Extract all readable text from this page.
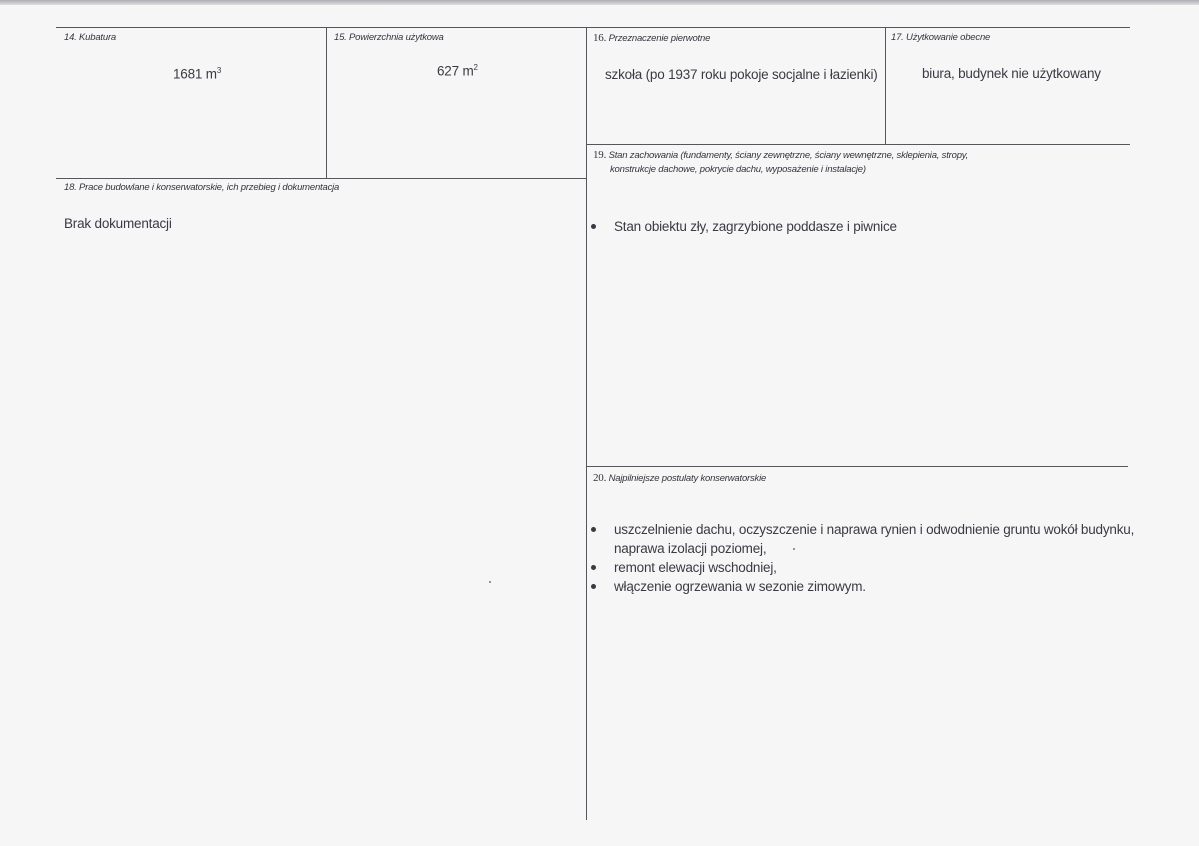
14. Kubatura
1681 $m^3$
15. Powierzchnia użytkowa
627 $m^2$
16. Przeznaczenie pierwotne
szkoła (po 1937 roku pokoje socjalne i łazienki)
17. Użytkowanie obecne
biura, budynek nie użytkowany
18. Prace budowlane i konserwatorskie, ich przebieg i dokumentacja
Brak dokumentacji
19. Stan zachowania (fundamenty, ściany zewnętrzne, ściany wewnętrzne, sklepienia, stropy,
konstrukcje dachowe, pokrycie dachu, wyposażenie i instalacje)
Stan obiektu zły, zagrzybione poddasze i piwnice
20. Najpilniejsze postulaty konserwatorskie
uszczelnienie dachu, oczyszczenie i naprawa rynien i odwodnienie gruntu wokół budynku, naprawa izolacji poziomej,
remont elewacji wschodniej,
włączenie ogrzewania w sezonie zimowym.
